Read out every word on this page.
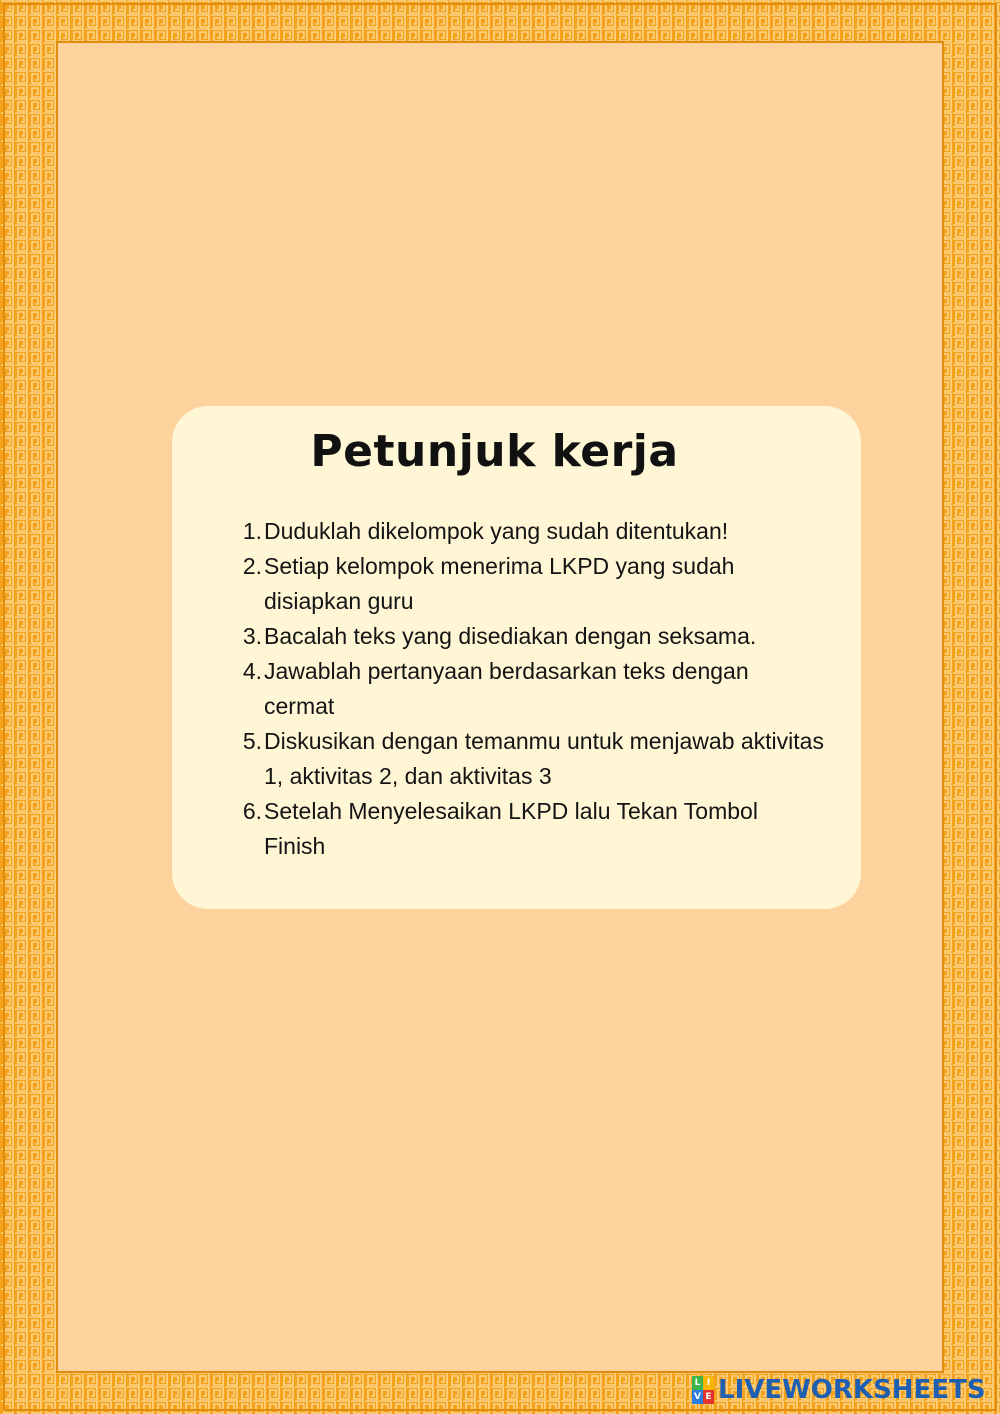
Petunjuk kerja
1. Duduklah dikelompok yang sudah ditentukan!
2. Setiap kelompok menerima LKPD yang sudah disiapkan guru
3. Bacalah teks yang disediakan dengan seksama.
4. Jawablah pertanyaan berdasarkan teks dengan cermat
5. Diskusikan dengan temanmu untuk menjawab aktivitas 1, aktivitas 2, dan aktivitas 3
6. Setelah Menyelesaikan LKPD lalu Tekan Tombol Finish
L I
V E LIVEWORKSHEETS
